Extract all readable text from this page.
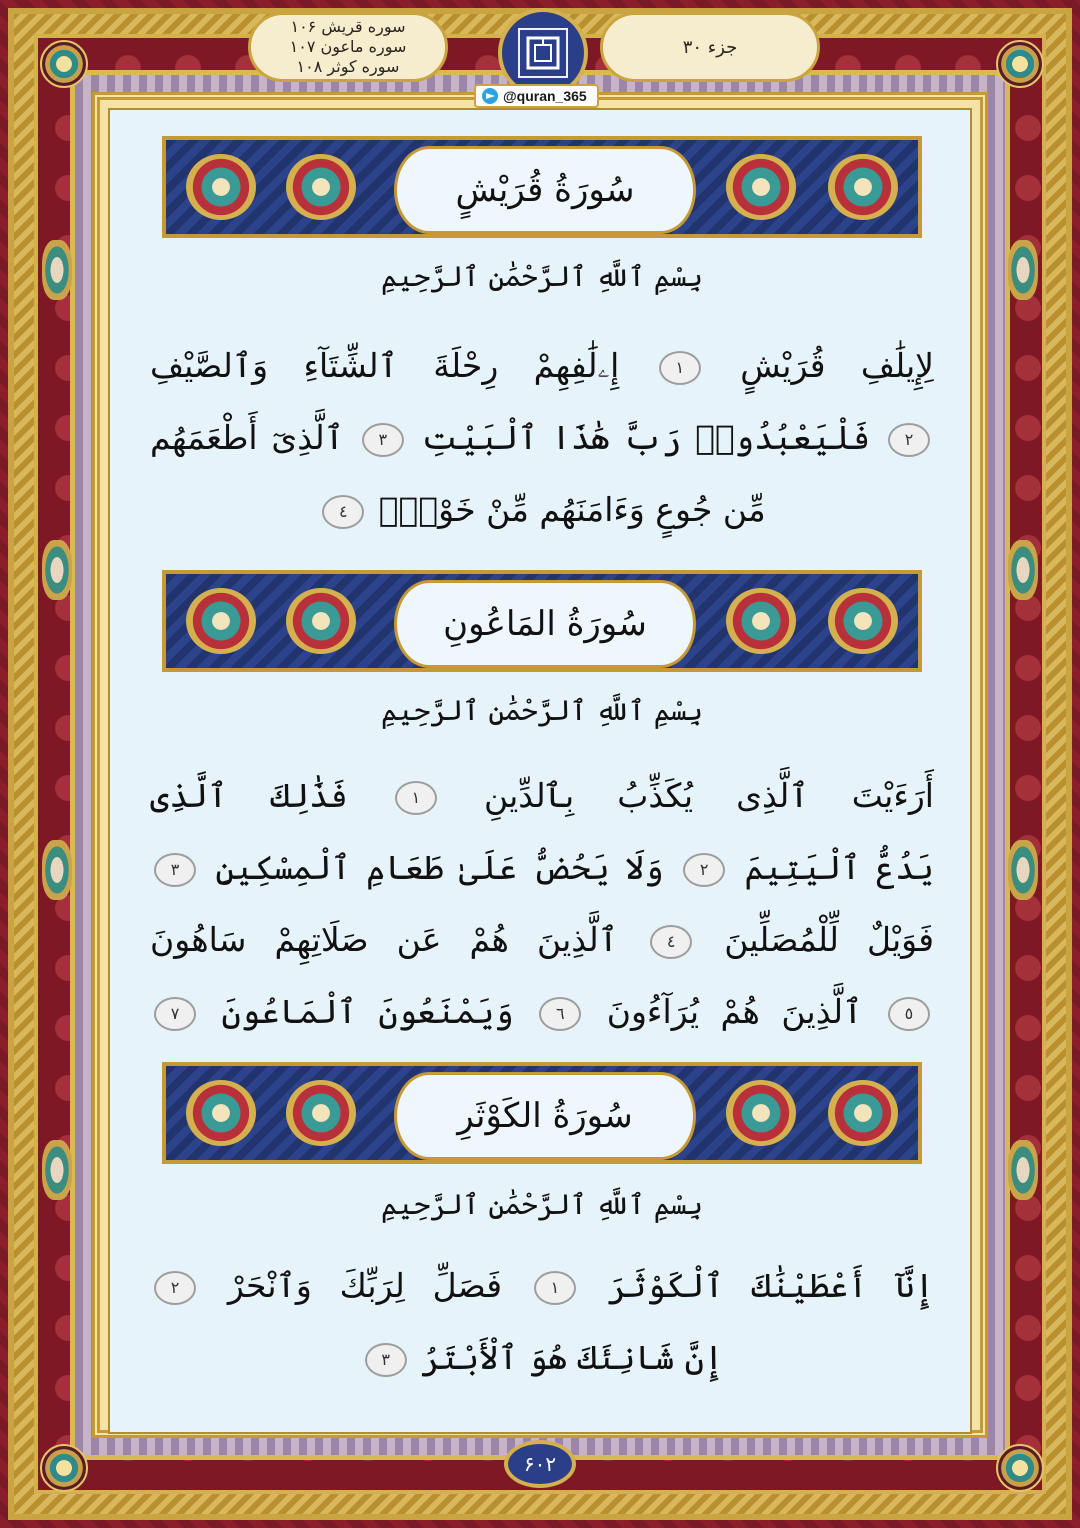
سوره قریش ۱۰۶
سوره ماعون ۱۰۷
سوره کوثر ۱۰۸
جزء ۳۰
@quran_365
سُورَةُ قُرَيْشٍ
بِسْمِ ٱللَّهِ ٱلرَّحْمَٰنِ ٱلرَّحِيمِ
لِإِيلَٰفِ قُرَيْشٍ ١ إِۦلَٰفِهِمْ رِحْلَةَ ٱلشِّتَآءِ وَٱلصَّيْفِ
٢ فَلْيَعْبُدُوا۟ رَبَّ هَٰذَا ٱلْبَيْتِ ٣ ٱلَّذِىٓ أَطْعَمَهُم
مِّن جُوعٍ وَءَامَنَهُم مِّنْ خَوْفٍۭ ٤
سُورَةُ المَاعُونِ
بِسْمِ ٱللَّهِ ٱلرَّحْمَٰنِ ٱلرَّحِيمِ
أَرَءَيْتَ ٱلَّذِى يُكَذِّبُ بِٱلدِّينِ ١ فَذَٰلِكَ ٱلَّذِى
يَدُعُّ ٱلْيَتِيمَ ٢ وَلَا يَحُضُّ عَلَىٰ طَعَامِ ٱلْمِسْكِينِ ٣
فَوَيْلٌ لِّلْمُصَلِّينَ ٤ ٱلَّذِينَ هُمْ عَن صَلَاتِهِمْ سَاهُونَ
٥ ٱلَّذِينَ هُمْ يُرَآءُونَ ٦ وَيَمْنَعُونَ ٱلْمَاعُونَ ٧
سُورَةُ الكَوْثَرِ
بِسْمِ ٱللَّهِ ٱلرَّحْمَٰنِ ٱلرَّحِيمِ
إِنَّآ أَعْطَيْنَٰكَ ٱلْكَوْثَرَ ١ فَصَلِّ لِرَبِّكَ وَٱنْحَرْ ٢
إِنَّ شَانِئَكَ هُوَ ٱلْأَبْتَرُ ٣
۶۰۲
